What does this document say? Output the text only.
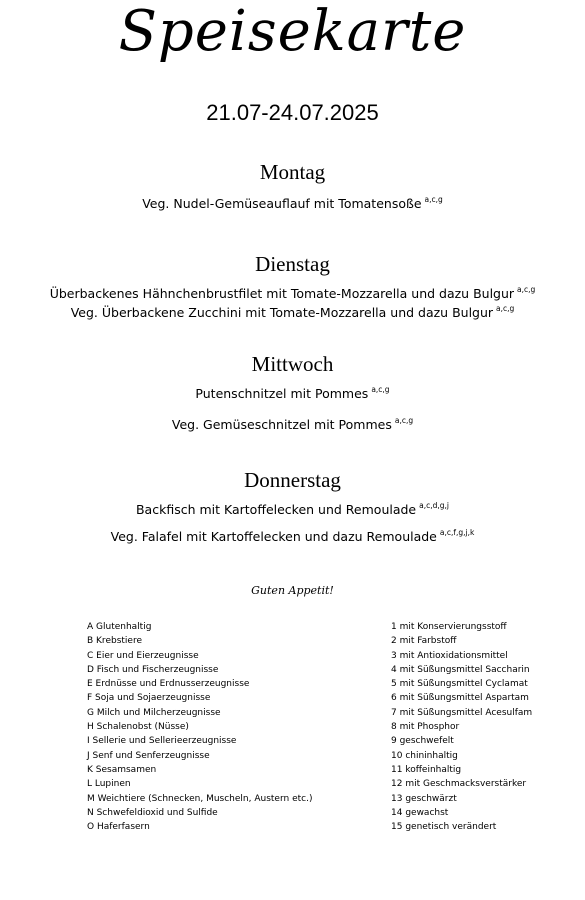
Speisekarte
21.07-24.07.2025
Montag
Veg. Nudel-Gemüseauflauf mit Tomatensoße $^{a,c,g}$
Dienstag
Überbackenes Hähnchenbrustfilet mit Tomate-Mozzarella und dazu Bulgur $^{a,c,g}$
Veg. Überbackene Zucchini mit Tomate-Mozzarella und dazu Bulgur $^{a,c,g}$
Mittwoch
Putenschnitzel mit Pommes $^{a,c,g}$
Veg. Gemüseschnitzel mit Pommes $^{a,c,g}$
Donnerstag
Backfisch mit Kartoffelecken und Remoulade $^{a,c,d,g,j}$
Veg. Falafel mit Kartoffelecken und dazu Remoulade $^{a,c,f,g,j,k}$
Guten Appetit!
A Glutenhaltig
B Krebstiere
C Eier und Eierzeugnisse
D Fisch und Fischerzeugnisse
E Erdnüsse und Erdnusserzeugnisse
F Soja und Sojaerzeugnisse
G Milch und Milcherzeugnisse
H Schalenobst (Nüsse)
I Sellerie und Sellerieerzeugnisse
J Senf und Senferzeugnisse
K Sesamsamen
L Lupinen
M Weichtiere (Schnecken, Muscheln, Austern etc.)
N Schwefeldioxid und Sulfide
O Haferfasern
1 mit Konservierungsstoff
2 mit Farbstoff
3 mit Antioxidationsmittel
4 mit Süßungsmittel Saccharin
5 mit Süßungsmittel Cyclamat
6 mit Süßungsmittel Aspartam
7 mit Süßungsmittel Acesulfam
8 mit Phosphor
9 geschwefelt
10 chininhaltig
11 koffeinhaltig
12 mit Geschmacksverstärker
13 geschwärzt
14 gewachst
15 genetisch verändert
